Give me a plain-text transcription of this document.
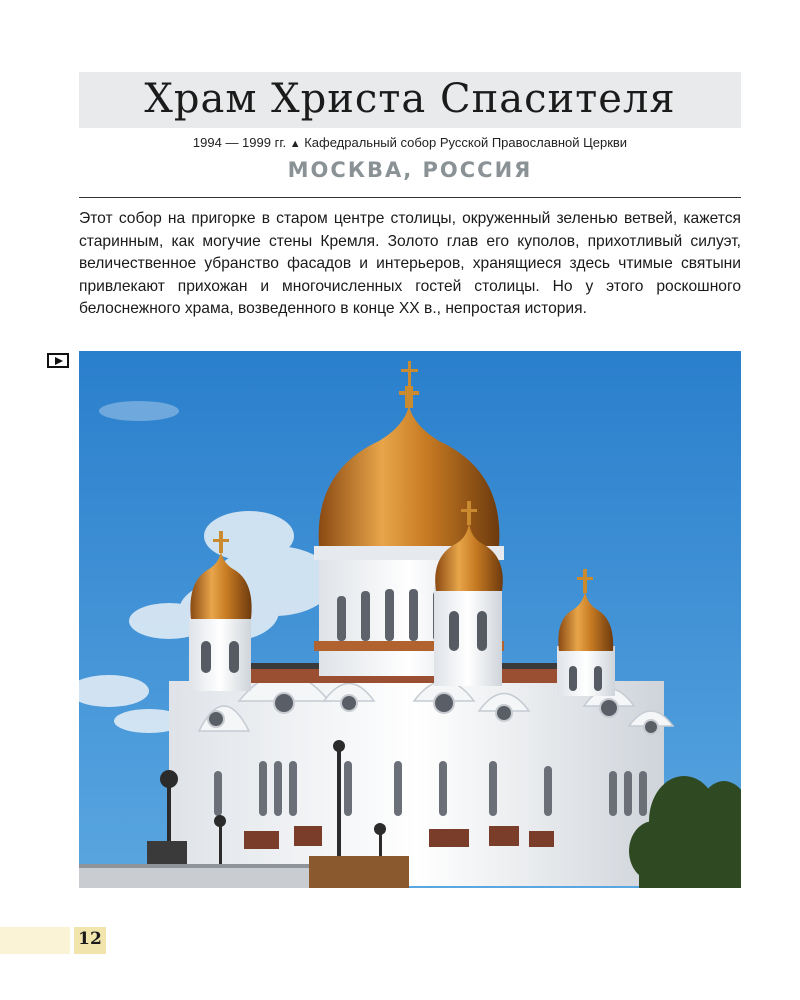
Храм Христа Спасителя
1994 — 1999 гг. ▲ Кафедральный собор Русской Православной Церкви
МОСКВА, РОССИЯ

Этот собор на пригорке в старом центре столицы, окруженный зеленью ветвей, кажется старинным, как могучие стены Кремля. Золото глав его куполов, прихотливый силуэт, величественное убранство фасадов и интерьеров, хранящиеся здесь чтимые святыни привлекают прихожан и многочисленных гостей столицы. Но у этого роскошного белоснежного храма, возведенного в конце XX в., непростая история.

12
